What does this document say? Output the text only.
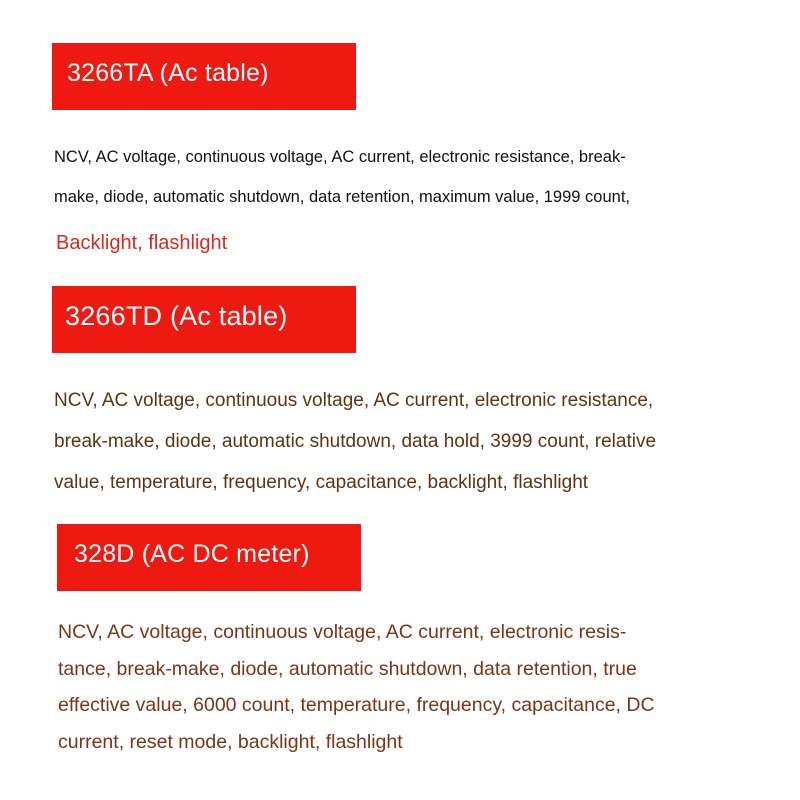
3266TA (Ac table)

NCV, AC voltage, continuous voltage, AC current, electronic resistance, break-
make, diode, automatic shutdown, data retention, maximum value, 1999 count,

Backlight, flashlight

3266TD (Ac table)

NCV, AC voltage, continuous voltage, AC current, electronic resistance,
break-make, diode, automatic shutdown, data hold, 3999 count, relative
value, temperature, frequency, capacitance, backlight, flashlight

328D (AC DC meter)

NCV, AC voltage, continuous voltage, AC current, electronic resis-
tance, break-make, diode, automatic shutdown, data retention, true
effective value, 6000 count, temperature, frequency, capacitance, DC
current, reset mode, backlight, flashlight
